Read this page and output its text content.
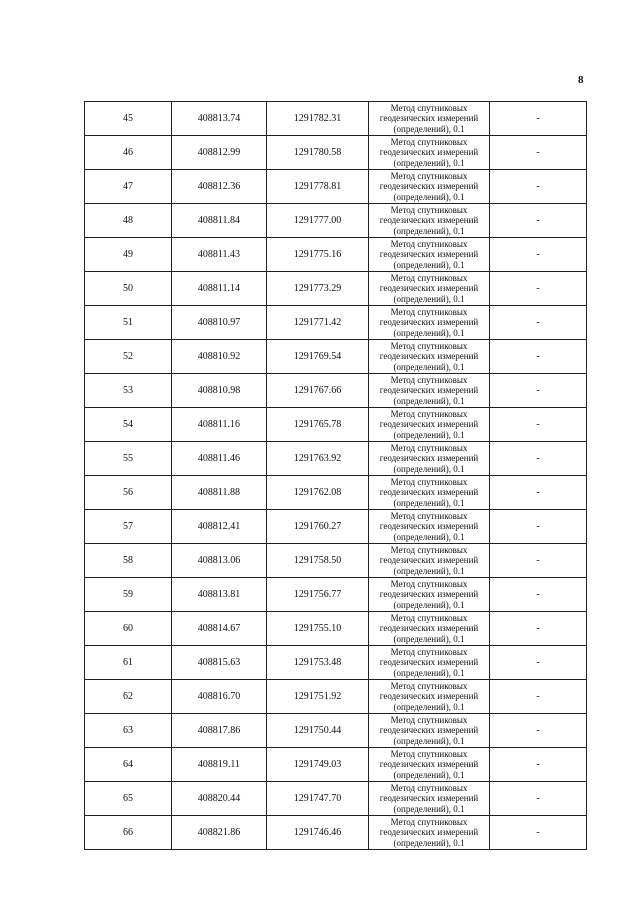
8
45	408813.74	1291782.31	Метод спутниковых
геодезических измерений
(определений), 0.1	-
46	408812.99	1291780.58	Метод спутниковых
геодезических измерений
(определений), 0.1	-
47	408812.36	1291778.81	Метод спутниковых
геодезических измерений
(определений), 0.1	-
48	408811.84	1291777.00	Метод спутниковых
геодезических измерений
(определений), 0.1	-
49	408811.43	1291775.16	Метод спутниковых
геодезических измерений
(определений), 0.1	-
50	408811.14	1291773.29	Метод спутниковых
геодезических измерений
(определений), 0.1	-
51	408810.97	1291771.42	Метод спутниковых
геодезических измерений
(определений), 0.1	-
52	408810.92	1291769.54	Метод спутниковых
геодезических измерений
(определений), 0.1	-
53	408810.98	1291767.66	Метод спутниковых
геодезических измерений
(определений), 0.1	-
54	408811.16	1291765.78	Метод спутниковых
геодезических измерений
(определений), 0.1	-
55	408811.46	1291763.92	Метод спутниковых
геодезических измерений
(определений), 0.1	-
56	408811.88	1291762.08	Метод спутниковых
геодезических измерений
(определений), 0.1	-
57	408812.41	1291760.27	Метод спутниковых
геодезических измерений
(определений), 0.1	-
58	408813.06	1291758.50	Метод спутниковых
геодезических измерений
(определений), 0.1	-
59	408813.81	1291756.77	Метод спутниковых
геодезических измерений
(определений), 0.1	-
60	408814.67	1291755.10	Метод спутниковых
геодезических измерений
(определений), 0.1	-
61	408815.63	1291753.48	Метод спутниковых
геодезических измерений
(определений), 0.1	-
62	408816.70	1291751.92	Метод спутниковых
геодезических измерений
(определений), 0.1	-
63	408817.86	1291750.44	Метод спутниковых
геодезических измерений
(определений), 0.1	-
64	408819.11	1291749.03	Метод спутниковых
геодезических измерений
(определений), 0.1	-
65	408820.44	1291747.70	Метод спутниковых
геодезических измерений
(определений), 0.1	-
66	408821.86	1291746.46	Метод спутниковых
геодезических измерений
(определений), 0.1	-
